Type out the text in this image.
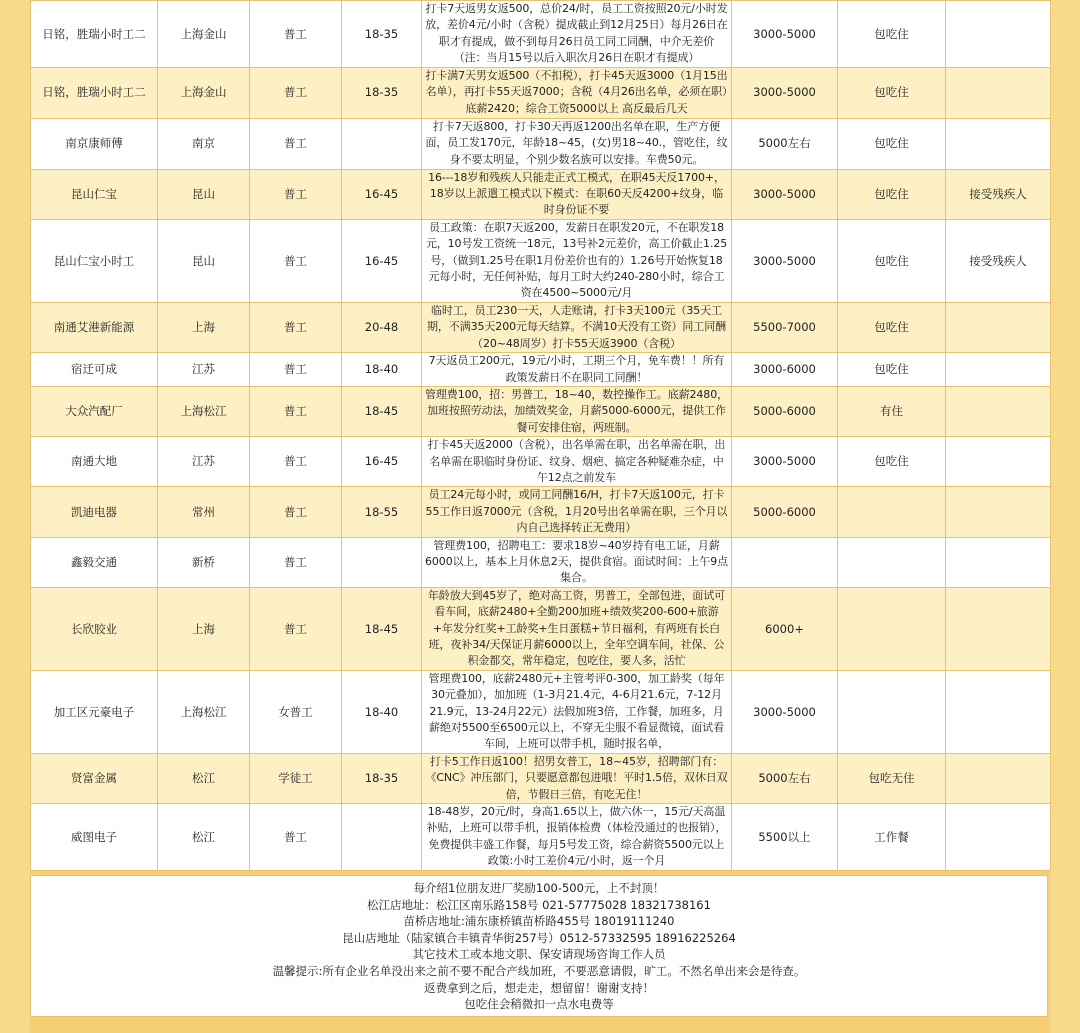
日铭，胜瑞小时工二	上海金山	普工	18-35	打卡7天返男女返500，总价24/时，员工工资按照20元/小时发放，差价4元/小时（含税）提成截止到12月25日）每月26日在职才有提成，做不到每月26日员工同工同酬，中介无差价（注：当月15号以后入职次月26日在职才有提成）	3000-5000	包吃住	
日铭，胜瑞小时工二	上海金山	普工	18-35	打卡满7天男女返500（不扣税），打卡45天返3000（1月15出名单），再打卡55天返7000；含税（4月26出名单，必须在职）底薪2420；综合工资5000以上 高反最后几天	3000-5000	包吃住	
南京康师傅	南京	普工		打卡7天返800，打卡30天再返1200出名单在职，生产方便面，员工发170元，年龄18~45，(女)男18~40.，管吃住，纹身不要太明显，个别少数名族可以安排。车费50元。	5000左右	包吃住	
昆山仁宝	昆山	普工	16-45	16---18岁和残疾人只能走正式工模式，在职45天反1700+，18岁以上派遣工模式以下模式：在职60天反4200+纹身，临时身份证不要	3000-5000	包吃住	接受残疾人
昆山仁宝小时工	昆山	普工	16-45	员工政策：在职7天返200，发薪日在职发20元，不在职发18元，10号发工资统一18元，13号补2元差价，高工价截止1.25号，（做到1.25号在职1月份差价也有的）1.26号开始恢复18元每小时，无任何补贴，每月工时大约240-280小时，综合工资在4500~5000元/月	3000-5000	包吃住	接受残疾人
南通艾港新能源	上海	普工	20-48	临时工，员工230一天，人走账请，打卡3天100元（35天工期，不满35天200元每天结算。不满10天没有工资）同工同酬（20~48周岁）打卡55天返3900（含税）	5500-7000	包吃住	
宿迁可成	江苏	普工	18-40	7天返员工200元，19元/小时，工期三个月，免车费！！所有政策发薪日不在职同工同酬！	3000-6000	包吃住	
大众汽配厂	上海松江	普工	18-45	管理费100，招：男普工，18~40，数控操作工。底薪2480，加班按照劳动法，加绩效奖金，月薪5000-6000元，提供工作餐可安排住宿，两班制。	5000-6000	有住	
南通大地	江苏	普工	16-45	打卡45天返2000（含税），出名单需在职，出名单需在职，出名单需在职临时身份证、纹身、烟疤、搞定各种疑难杂症，中午12点之前发车	3000-5000	包吃住	
凯迪电器	常州	普工	18-55	员工24元每小时，或同工同酬16/H，打卡7天返100元，打卡55工作日返7000元（含税，1月20号出名单需在职，三个月以内自己选择转正无费用）	5000-6000		
鑫毅交通	新桥	普工		管理费100，招聘电工：要求18岁~40岁持有电工证，月薪6000以上，基本上月休息2天，提供食宿。面试时间：上午9点集合。			
长欣胶业	上海	普工	18-45	年龄放大到45岁了，绝对高工资，男普工，全部包进，面试可看车间，底薪2480+全勤200加班+绩效奖200-600+旅游+年发分红奖+工龄奖+生日蛋糕+节日福利，有两班有长白班，夜补34/天保证月薪6000以上，全年空调车间，社保、公积金都交，常年稳定，包吃住，要人多，活忙	6000+		
加工区元豪电子	上海松江	女普工	18-40	管理费100，底薪2480元+主管考评0-300，加工龄奖（每年30元叠加），加加班（1-3月21.4元，4-6月21.6元，7-12月21.9元，13-24月22元）法假加班3倍，工作餐，加班多，月薪绝对5500至6500元以上，不穿无尘服不看显微镜，面试看车间，上班可以带手机，随时报名单，	3000-5000		
贤富金属	松江	学徒工	18-35	打卡5工作日返100！招男女普工，18~45岁，招聘部门有：《CNC》冲压部门，只要愿意都包进哦！平时1.5倍，双休日双倍，节假日三倍，有吃无住！	5000左右	包吃无住	
威图电子	松江	普工		18-48岁，20元/时，身高1.65以上，做六休一，15元/天高温补贴，上班可以带手机，报销体检费（体检没通过的也报销），免费提供丰盛工作餐，每月5号发工资，综合薪资5500元以上政策:小时工差价4元/小时，返一个月	5500以上	工作餐	
每介绍1位朋友进厂奖励100-500元，上不封顶！
松江店地址：松江区南乐路158号 021-57775028 18321738161
苗桥店地址:浦东康桥镇苗桥路455号 18019111240
昆山店地址（陆家镇合丰镇青华街257号）0512-57332595 18916225264
其它技术工或本地文职、保安请现场咨询工作人员
温馨提示:所有企业名单没出来之前不要不配合产线加班，不要恶意请假，旷工。不然名单出来会是待查。
返费拿到之后，想走走，想留留！谢谢支持！
包吃住会稍微扣一点水电费等
